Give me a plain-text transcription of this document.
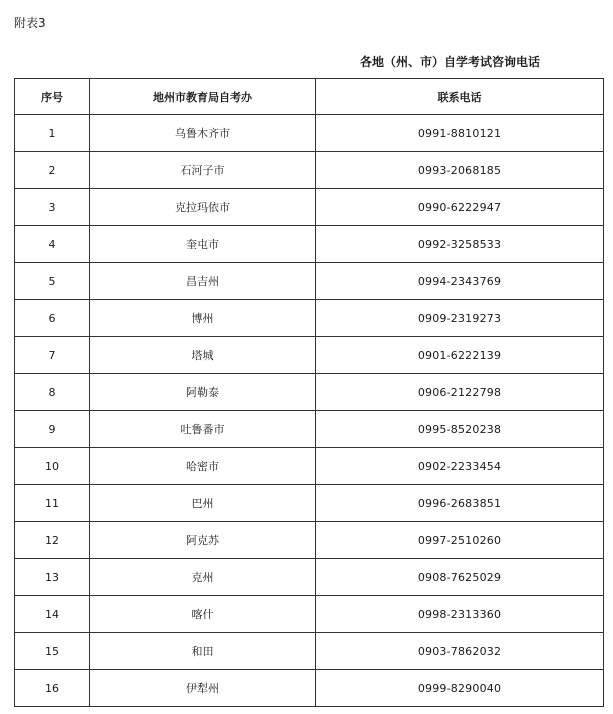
附表3
各地（州、市）自学考试咨询电话
序号	地州市教育局自考办	联系电话
1	乌鲁木齐市	0991-8810121
2	石河子市	0993-2068185
3	克拉玛依市	0990-6222947
4	奎屯市	0992-3258533
5	昌吉州	0994-2343769
6	博州	0909-2319273
7	塔城	0901-6222139
8	阿勒泰	0906-2122798
9	吐鲁番市	0995-8520238
10	哈密市	0902-2233454
11	巴州	0996-2683851
12	阿克苏	0997-2510260
13	克州	0908-7625029
14	喀什	0998-2313360
15	和田	0903-7862032
16	伊犁州	0999-8290040
